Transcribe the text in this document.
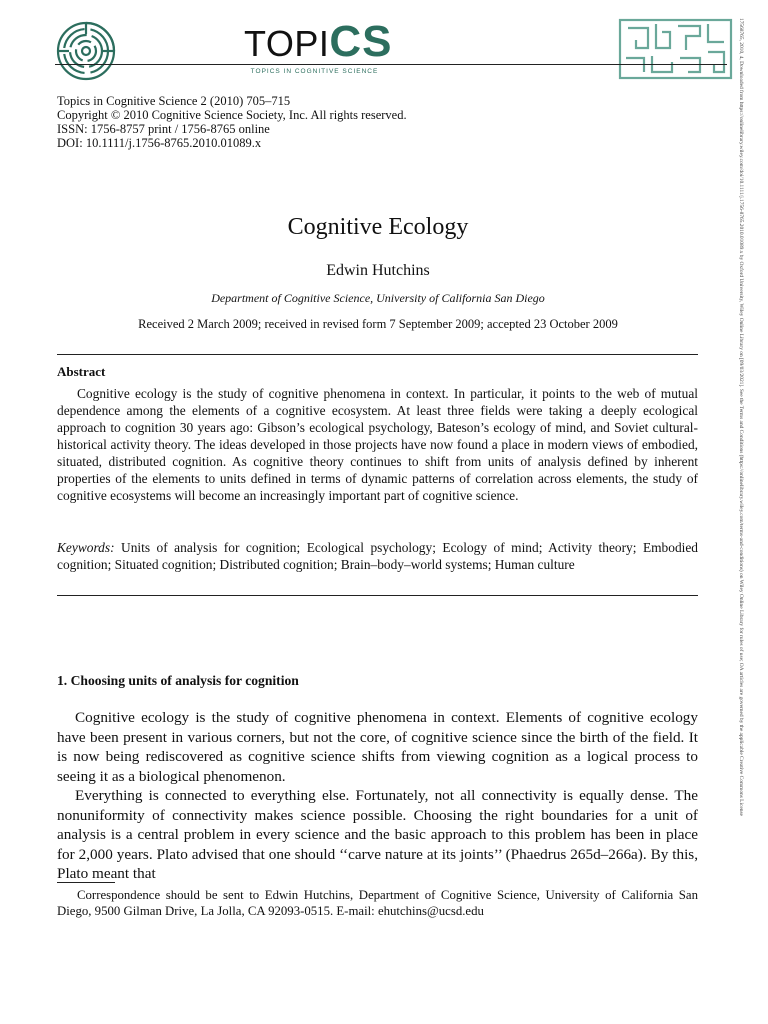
TOPICS
TOPICS IN COGNITIVE SCIENCE
Topics in Cognitive Science 2 (2010) 705–715
Copyright © 2010 Cognitive Science Society, Inc. All rights reserved.
ISSN: 1756-8757 print / 1756-8765 online
DOI: 10.1111/j.1756-8765.2010.01089.x	17568765, 2010, 4, Downloaded from https://onlinelibrary.wiley.com/doi/10.1111/j.1756-8765.2010.01089.x by Oxford University, Wiley Online Library on [09/03/2021]. See the Terms and Conditions (https://onlinelibrary.wiley.com/terms-and-conditions) on Wiley Online Library for rules of use; OA articles are governed by the applicable Creative Commons License
Cognitive Ecology
Edwin Hutchins
Department of Cognitive Science, University of California San Diego
Received 2 March 2009; received in revised form 7 September 2009; accepted 23 October 2009
Abstract
Cognitive ecology is the study of cognitive phenomena in context. In particular, it points to the web of mutual dependence among the elements of a cognitive ecosystem. At least three fields were taking a deeply ecological approach to cognition 30 years ago: Gibson’s ecological psychology, Bateson’s ecology of mind, and Soviet cultural-historical activity theory. The ideas developed in those projects have now found a place in modern views of embodied, situated, distributed cognition. As cognitive theory continues to shift from units of analysis defined by inherent properties of the elements to units defined in terms of dynamic patterns of correlation across elements, the study of cognitive ecosystems will become an increasingly important part of cognitive science.
Keywords: Units of analysis for cognition; Ecological psychology; Ecology of mind; Activity theory; Embodied cognition; Situated cognition; Distributed cognition; Brain–body–world systems; Human culture
1. Choosing units of analysis for cognition

Cognitive ecology is the study of cognitive phenomena in context. Elements of cognitive ecology have been present in various corners, but not the core, of cognitive science since the birth of the field. It is now being rediscovered as cognitive science shifts from viewing cognition as a logical process to seeing it as a biological phenomenon.

Everything is connected to everything else. Fortunately, not all connectivity is equally dense. The nonuniformity of connectivity makes science possible. Choosing the right boundaries for a unit of analysis is a central problem in every science and the basic approach to this problem has been in place for 2,000 years. Plato advised that one should ‘‘carve nature at its joints’’ (Phaedrus 265d–266a). By this, Plato meant that

Correspondence should be sent to Edwin Hutchins, Department of Cognitive Science, University of California San Diego, 9500 Gilman Drive, La Jolla, CA 92093-0515. E-mail: ehutchins@ucsd.edu
